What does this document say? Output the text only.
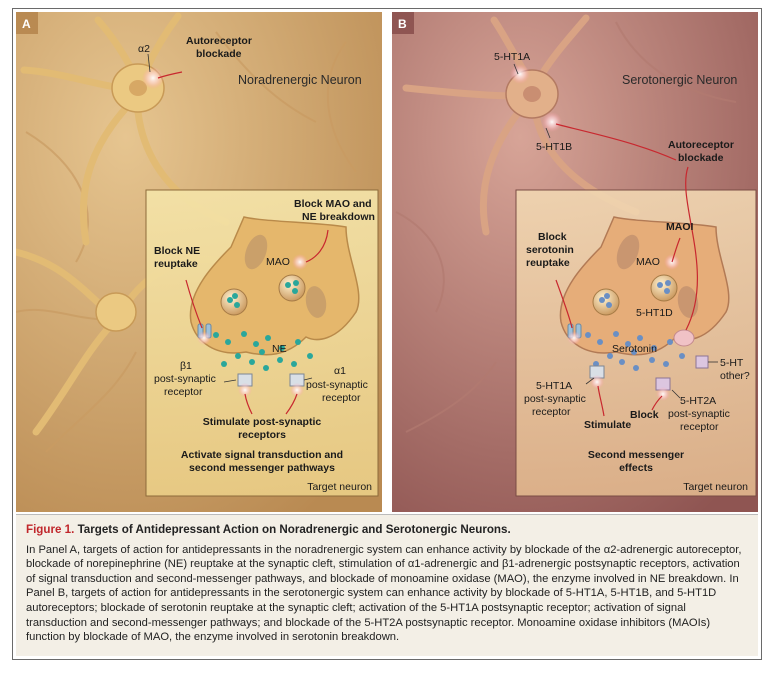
A
Noradrenergic Neuron
α2
Autoreceptor
blockade
Block MAO and
NE breakdown
MAO
Block NE
reuptake
NE
β1
post-synaptic
receptor
α1
post-synaptic
receptor
Stimulate post-synaptic
receptors
Activate signal transduction and
second messenger pathways
Target neuron
B
Serotonergic Neuron
5-HT1A
5-HT1B	Autoreceptor
blockade
MAOI
MAO
Block
serotonin
reuptake
5-HT1D
Serotonin
5-HT
other?
5-HT1A
post-synaptic
receptor
5-HT2A
post-synaptic
receptor
Stimulate
Block
Second messenger
effects
Target neuron
Figure 1. Targets of Antidepressant Action on Noradrenergic and Serotonergic Neurons.
In Panel A, targets of action for antidepressants in the noradrenergic system can enhance activity by blockade of the α2-adrenergic autoreceptor, blockade of norepinephrine (NE) reuptake at the synaptic cleft, stimulation of α1-adrenergic and β1-adrenergic postsynaptic receptors, activation of signal transduction and second-messenger pathways, and blockade of monoamine oxidase (MAO), the enzyme involved in NE breakdown. In Panel B, targets of action for antidepressants in the serotonergic system can enhance activity by blockade of 5-HT1A, 5-HT1B, and 5-HT1D autoreceptors; blockade of serotonin reuptake at the synaptic cleft; activation of the 5-HT1A postsynaptic receptor; activation of signal transduction and second-messenger pathways; and blockade of the 5-HT2A postsynaptic receptor. Monoamine oxidase inhibitors (MAOIs) function by blockade of MAO, the enzyme involved in serotonin breakdown.
